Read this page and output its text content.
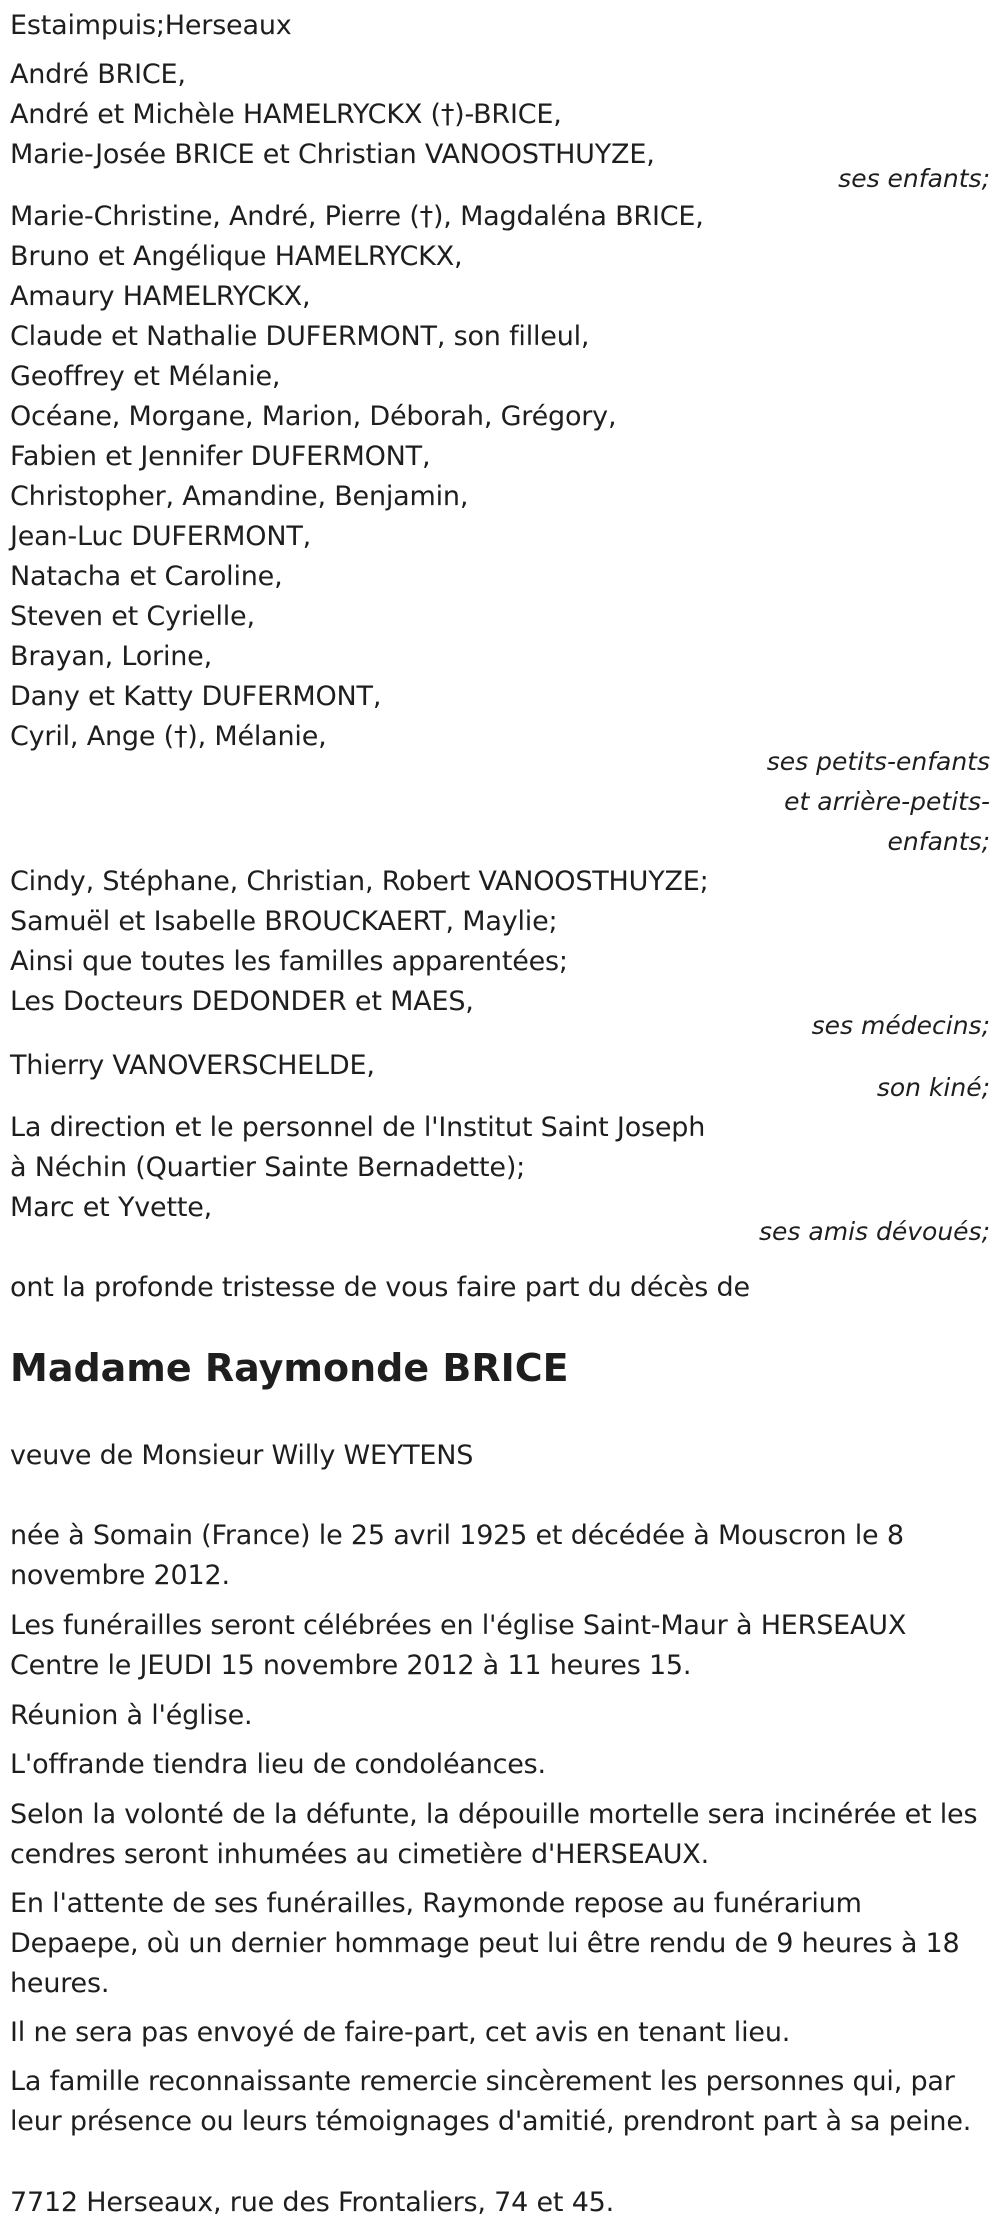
Estaimpuis;Herseaux
André BRICE,
André et Michèle HAMELRYCKX (†)-BRICE,
Marie-Josée BRICE et Christian VANOOSTHUYZE,
ses enfants;
Marie-Christine, André, Pierre (†), Magdaléna BRICE,
Bruno et Angélique HAMELRYCKX,
Amaury HAMELRYCKX,
Claude et Nathalie DUFERMONT, son filleul,
Geoffrey et Mélanie,
Océane, Morgane, Marion, Déborah, Grégory,
Fabien et Jennifer DUFERMONT,
Christopher, Amandine, Benjamin,
Jean-Luc DUFERMONT,
Natacha et Caroline,
Steven et Cyrielle,
Brayan, Lorine,
Dany et Katty DUFERMONT,
Cyril, Ange (†), Mélanie,
ses petits-enfants
et arrière-petits-
enfants;
Cindy, Stéphane, Christian, Robert VANOOSTHUYZE;
Samuël et Isabelle BROUCKAERT, Maylie;
Ainsi que toutes les familles apparentées;
Les Docteurs DEDONDER et MAES,
ses médecins;
Thierry VANOVERSCHELDE,
son kiné;
La direction et le personnel de l'Institut Saint Joseph
à Néchin (Quartier Sainte Bernadette);
Marc et Yvette,
ses amis dévoués;
ont la profonde tristesse de vous faire part du décès de
Madame Raymonde BRICE
veuve de Monsieur Willy WEYTENS
née à Somain (France) le 25 avril 1925 et décédée à Mouscron le 8 novembre 2012.
Les funérailles seront célébrées en l'église Saint-Maur à HERSEAUX Centre le JEUDI 15 novembre 2012 à 11 heures 15.
Réunion à l'église.
L'offrande tiendra lieu de condoléances.
Selon la volonté de la défunte, la dépouille mortelle sera incinérée et les cendres seront inhumées au cimetière d'HERSEAUX.
En l'attente de ses funérailles, Raymonde repose au funérarium Depaepe, où un dernier hommage peut lui être rendu de 9 heures à 18 heures.
Il ne sera pas envoyé de faire-part, cet avis en tenant lieu.
La famille reconnaissante remercie sincèrement les personnes qui, par leur présence ou leurs témoignages d'amitié, prendront part à sa peine.
7712 Herseaux, rue des Frontaliers, 74 et 45.
